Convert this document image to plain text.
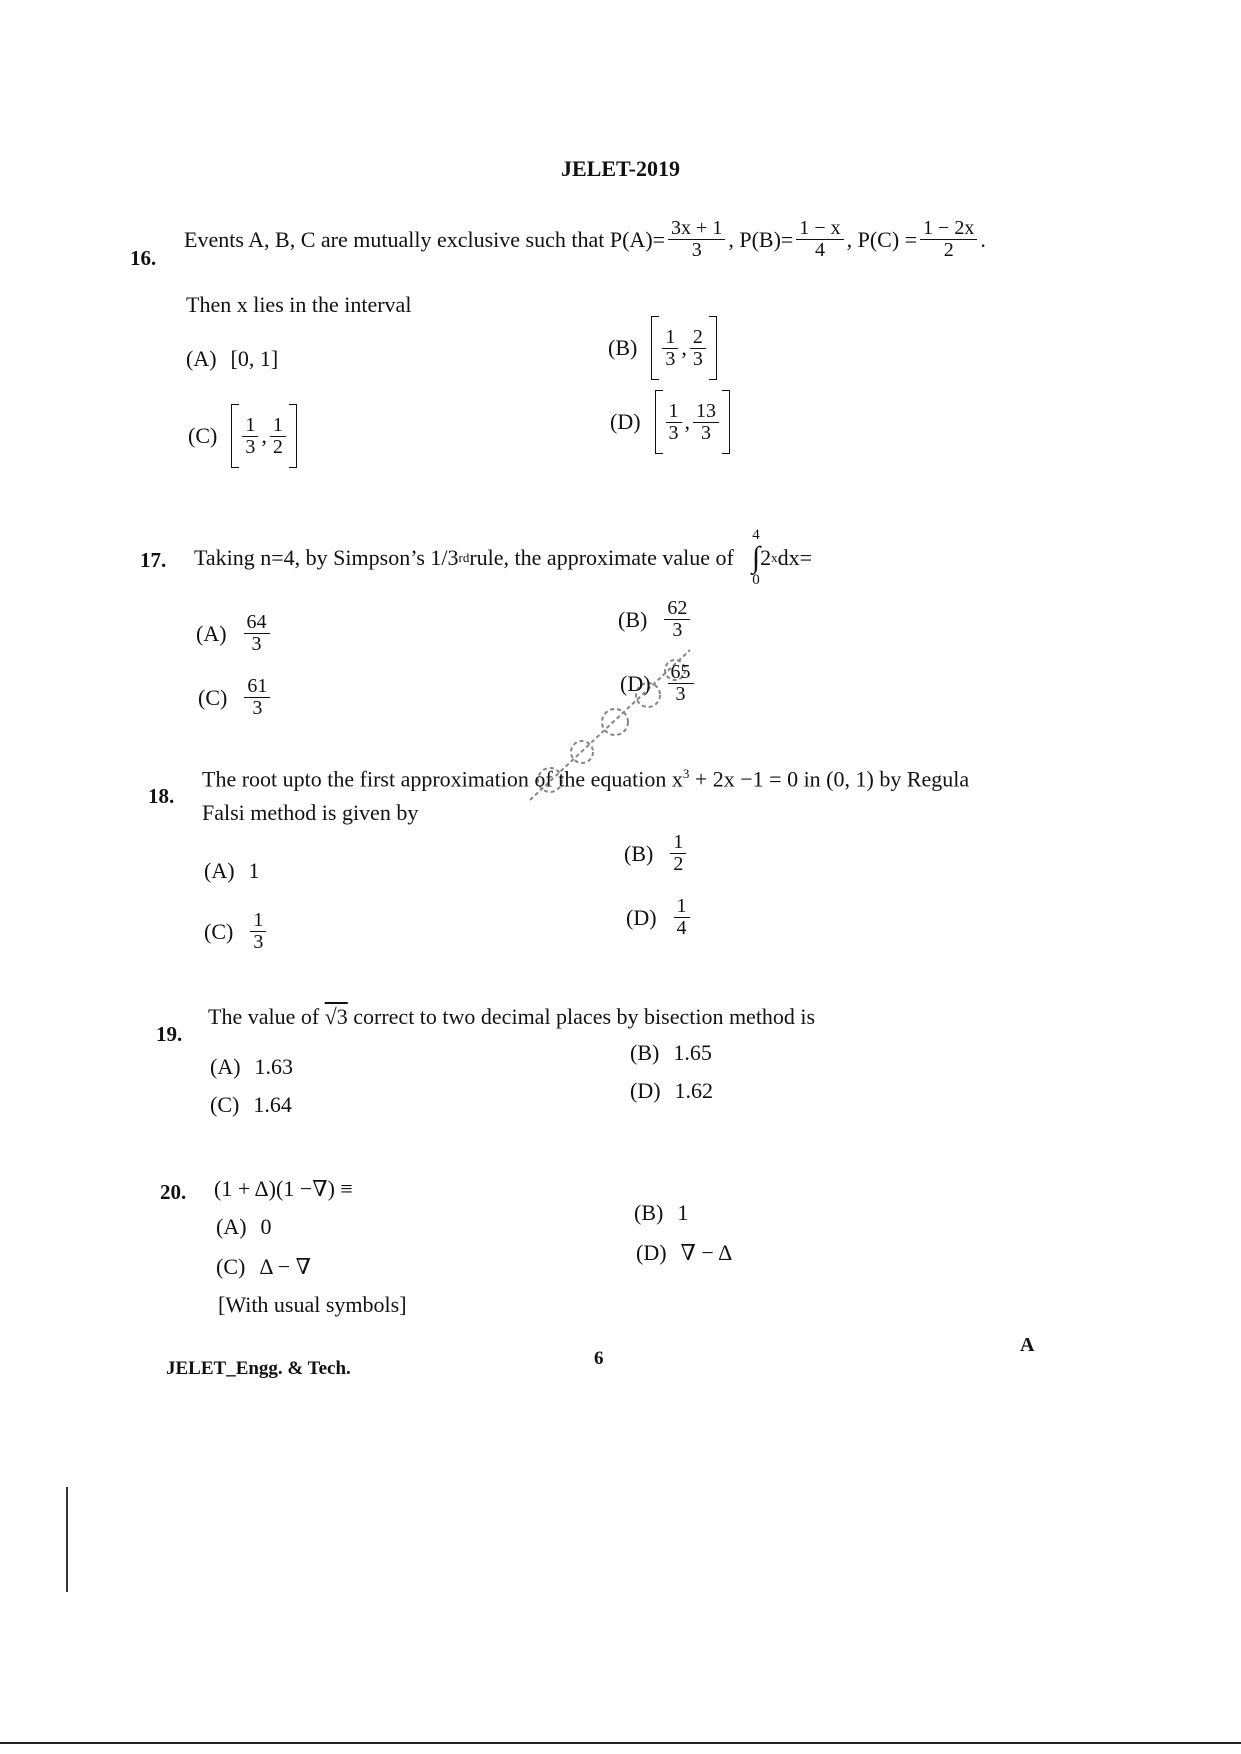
JELET-2019
16.
Events A, B, C are mutually exclusive such that $P(A)= \frac{3x + 1}{3}$ , $P(B)= \frac{1 - x}{4}$ , $P(C) = \frac{1 - 2x}{2}$ .
Then x lies in the interval
(A) [0, 1]	$(B) \frac{1}{3}$ , $\frac{2}{3}$
$(C) \frac{1}{3}$ , $\frac{1}{2}$	$(D) \frac{1}{3}$ , $\frac{13}{3}$
17. Taking n=4, by Simpson’s 1/3 rd rule, the approximate value of
4
∫
0
2 x dx=
$(A) \frac{64}{3}$	$(B) \frac{62}{3}$
$(C) \frac{61}{3}$	$(D) \frac{65}{3}$
18.
The root upto the first approximation of the equation $x^3 + 2x -1 = 0$ in (0, 1) by Regula
Falsi method is given by
(A) 1
$(B) \frac{1}{2}$
$(C) \frac{1}{3}$	$(D) \frac{1}{4}$
19.
The value of √3 correct to two decimal places by bisection method is
(A) 1.63
(B) 1.65
(C) 1.64
(D) 1.62
20. (1 + Δ)(1 −∇) ≡
(A) 0
(B) 1
(C) Δ − ∇
(D) ∇ − Δ
[With usual symbols]
JELET_Engg. & Tech.	6
A
